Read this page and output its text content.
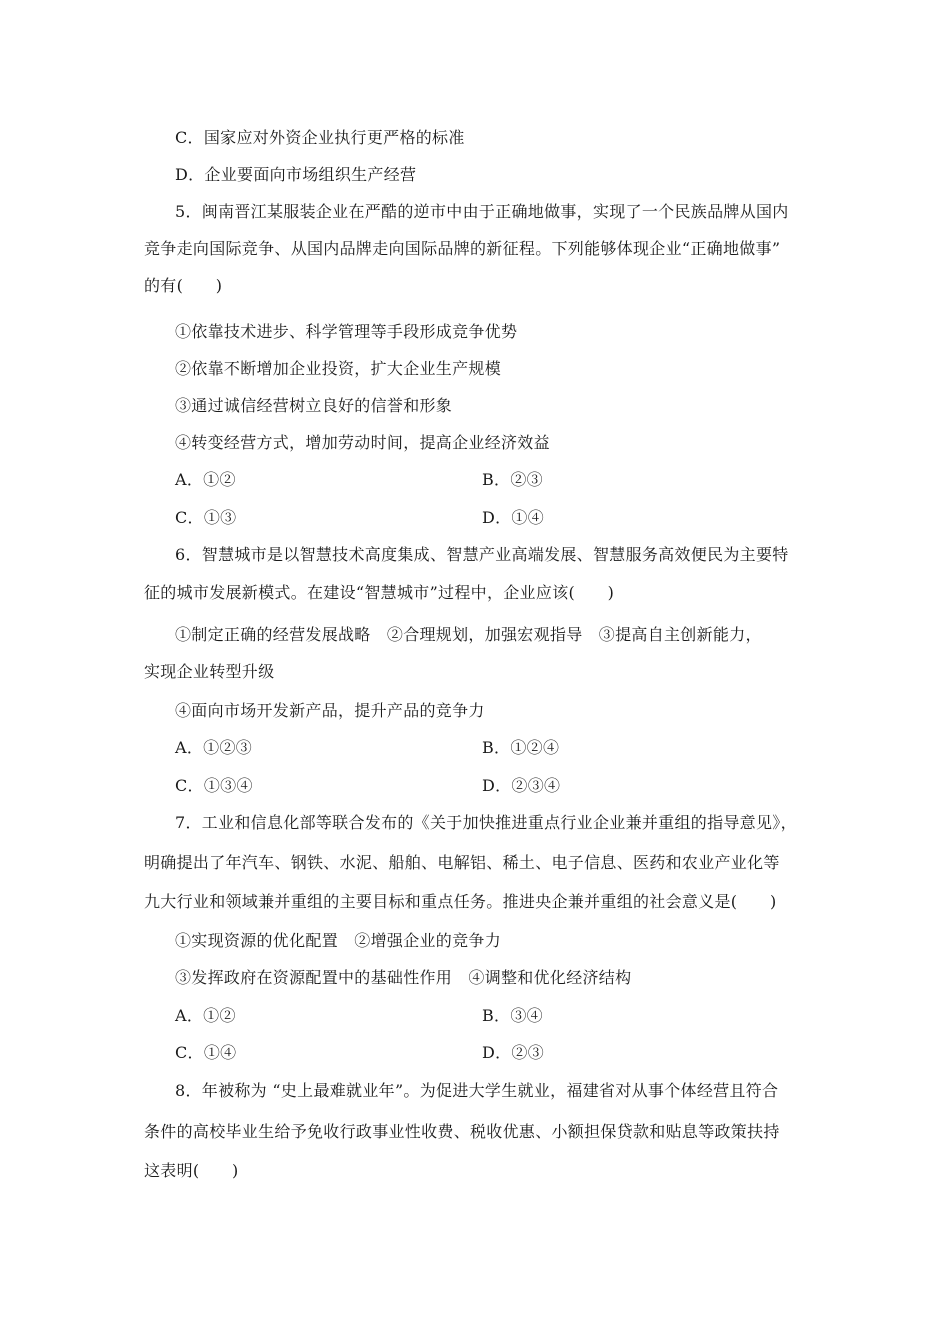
C．国家应对外资企业执行更严格的标准
D．企业要面向市场组织生产经营
5．闽南晋江某服装企业在严酷的逆市中由于正确地做事，实现了一个民族品牌从国内
竞争走向国际竞争、从国内品牌走向国际品牌的新征程。下列能够体现企业“正确地做事”
的有(　　)
①依靠技术进步、科学管理等手段形成竞争优势
②依靠不断增加企业投资，扩大企业生产规模
③通过诚信经营树立良好的信誉和形象
④转变经营方式，增加劳动时间，提高企业经济效益
A．①②	B．②③
C．①③	D．①④
6．智慧城市是以智慧技术高度集成、智慧产业高端发展、智慧服务高效便民为主要特
征的城市发展新模式。在建设“智慧城市”过程中，企业应该(　　)
①制定正确的经营发展战略　②合理规划，加强宏观指导　③提高自主创新能力，
实现企业转型升级
④面向市场开发新产品，提升产品的竞争力
A．①②③	B．①②④
C．①③④	D．②③④
7．工业和信息化部等联合发布的《关于加快推进重点行业企业兼并重组的指导意见》，
明确提出了年汽车、钢铁、水泥、船舶、电解铝、稀土、电子信息、医药和农业产业化等
九大行业和领域兼并重组的主要目标和重点任务。推进央企兼并重组的社会意义是(　　)
①实现资源的优化配置　②增强企业的竞争力
③发挥政府在资源配置中的基础性作用　④调整和优化经济结构
A．①②	B．③④
C．①④	D．②③
8．年被称为 “史上最难就业年”。为促进大学生就业，福建省对从事个体经营且符合
条件的高校毕业生给予免收行政事业性收费、税收优惠、小额担保贷款和贴息等政策扶持
这表明(　　)
